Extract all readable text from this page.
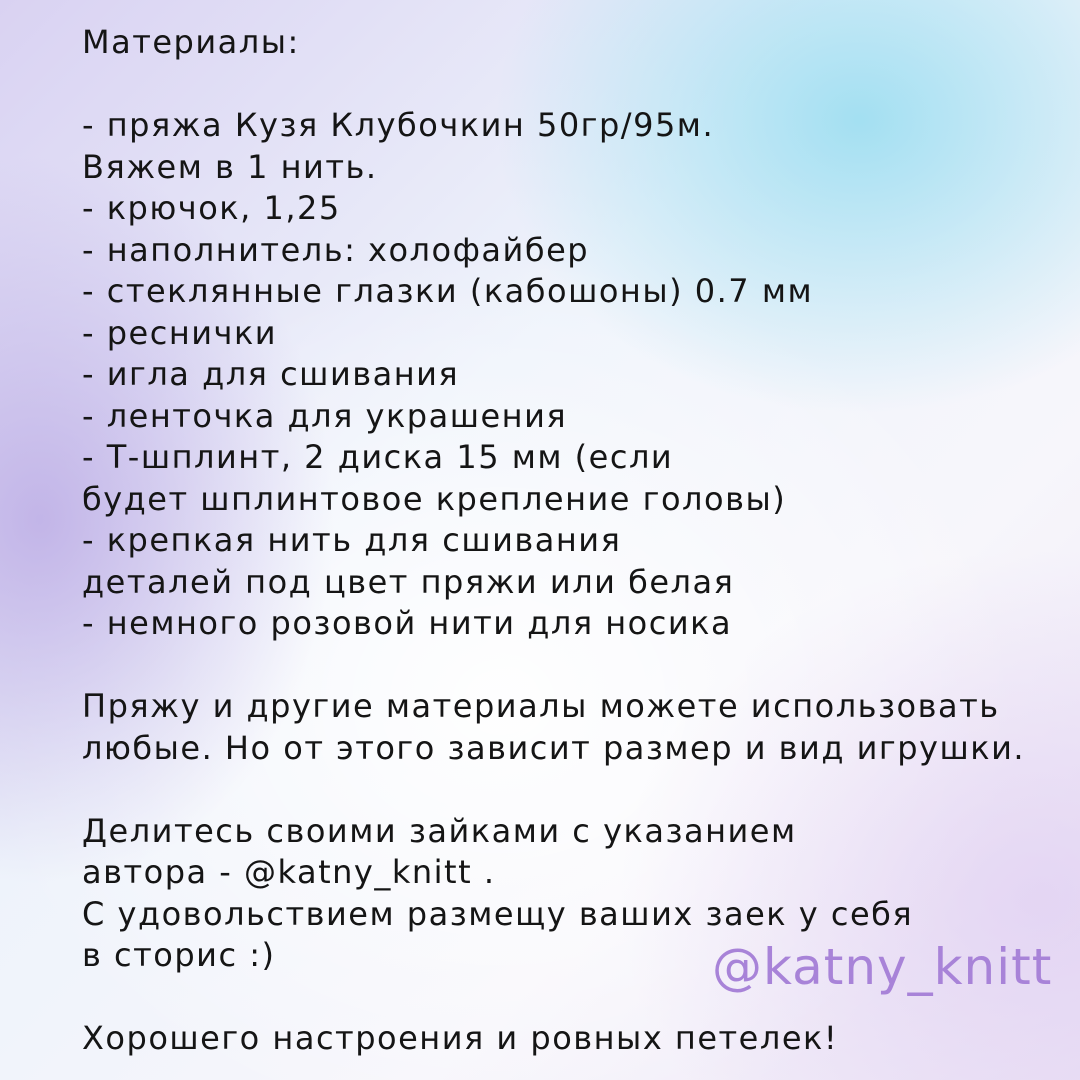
Материалы:
- пряжа Кузя Клубочкин 50гр/95м.
Вяжем в 1 нить.
- крючок, 1,25
- наполнитель: холофайбер
- стеклянные глазки (кабошоны) 0.7 мм
- реснички
- игла для сшивания
- ленточка для украшения
- Т-шплинт, 2 диска 15 мм (если
будет шплинтовое крепление головы)
- крепкая нить для сшивания
деталей под цвет пряжи или белая
- немного розовой нити для носика
Пряжу и другие материалы можете использовать
любые. Но от этого зависит размер и вид игрушки.
Делитесь своими зайками с указанием
автора - @katny_knitt .
С удовольствием размещу ваших заек у себя
в сторис :)
Хорошего настроения и ровных петелек!
@katny_knitt
